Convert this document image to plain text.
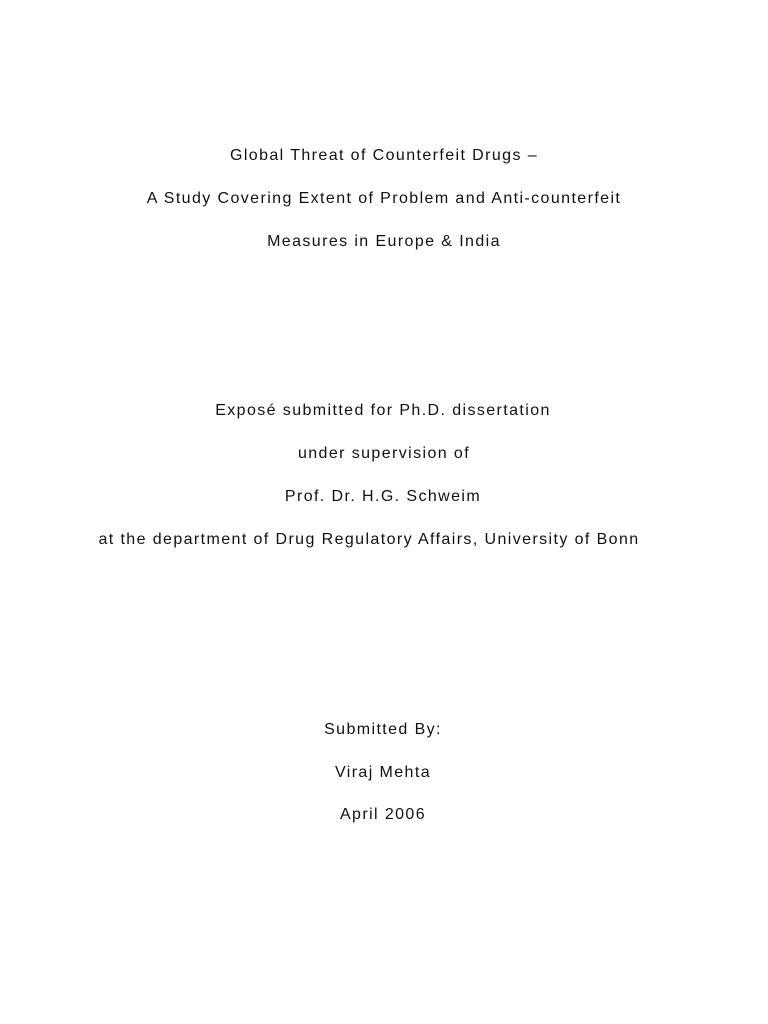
Global Threat of Counterfeit Drugs –
A Study Covering Extent of Problem and Anti-counterfeit
Measures in Europe & India

Exposé submitted for Ph.D. dissertation

under supervision of

Prof. Dr. H.G. Schweim

at the department of Drug Regulatory Affairs, University of Bonn

Submitted By:

Viraj Mehta

April 2006
